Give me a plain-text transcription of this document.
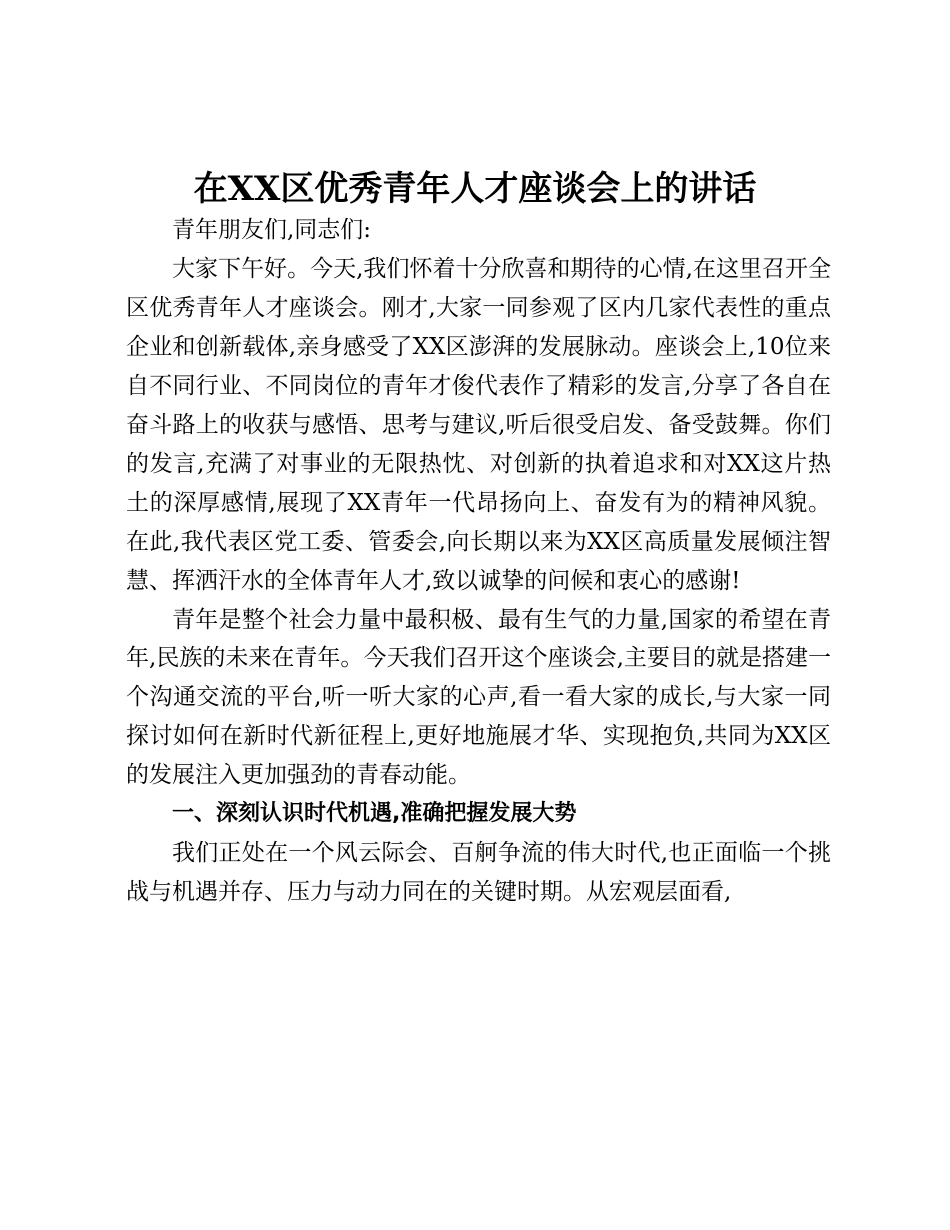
在XX区优秀青年人才座谈会上的讲话

青年朋友们,同志们:

大家下午好。今天,我们怀着十分欣喜和期待的心情,在这里召开全区优秀青年人才座谈会。刚才,大家一同参观了区内几家代表性的重点企业和创新载体,亲身感受了XX区澎湃的发展脉动。座谈会上,10位来自不同行业、不同岗位的青年才俊代表作了精彩的发言,分享了各自在奋斗路上的收获与感悟、思考与建议,听后很受启发、备受鼓舞。你们的发言,充满了对事业的无限热忱、对创新的执着追求和对XX这片热土的深厚感情,展现了XX青年一代昂扬向上、奋发有为的精神风貌。在此,我代表区党工委、管委会,向长期以来为XX区高质量发展倾注智慧、挥洒汗水的全体青年人才,致以诚挚的问候和衷心的感谢!

青年是整个社会力量中最积极、最有生气的力量,国家的希望在青年,民族的未来在青年。今天我们召开这个座谈会,主要目的就是搭建一个沟通交流的平台,听一听大家的心声,看一看大家的成长,与大家一同探讨如何在新时代新征程上,更好地施展才华、实现抱负,共同为XX区的发展注入更加强劲的青春动能。

一、深刻认识时代机遇,准确把握发展大势

我们正处在一个风云际会、百舸争流的伟大时代,也正面临一个挑战与机遇并存、压力与动力同在的关键时期。从宏观层面看,
